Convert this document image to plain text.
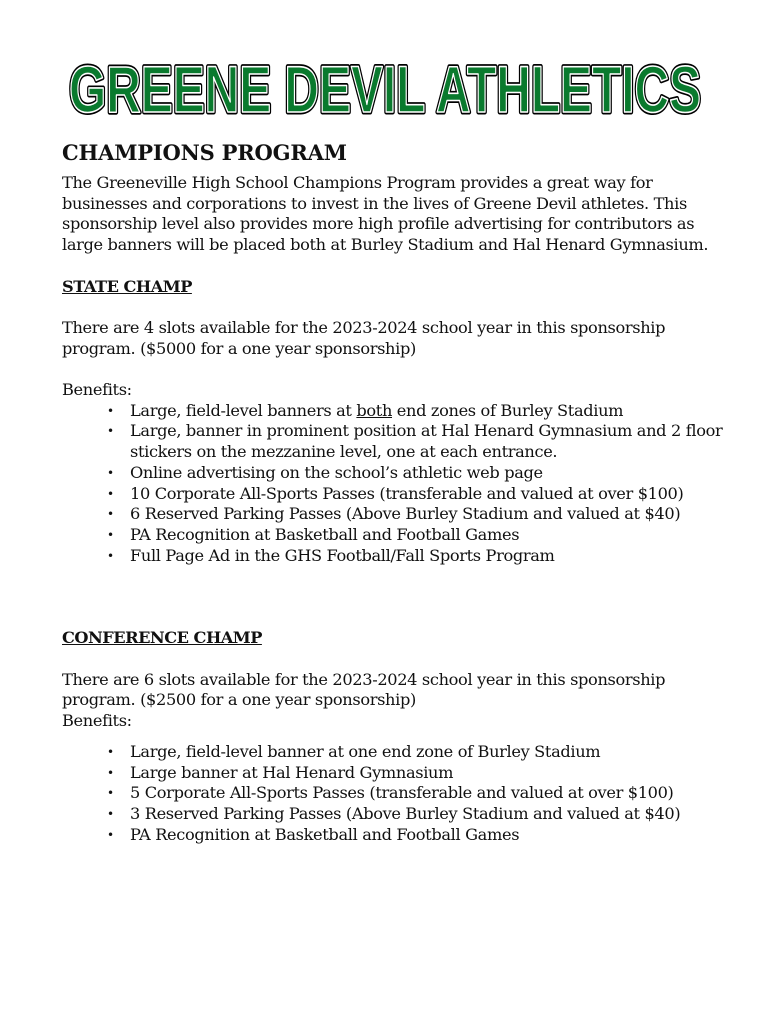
GREENE DEVIL ATHLETICS
GREENE DEVIL ATHLETICS
CHAMPIONS PROGRAM

The Greeneville High School Champions Program provides a great way for businesses and corporations to invest in the lives of Greene Devil athletes. This sponsorship level also provides more high profile advertising for contributors as large banners will be placed both at Burley Stadium and Hal Henard Gymnasium.

STATE CHAMP

There are 4 slots available for the 2023-2024 school year in this sponsorship program. ($5000 for a one year sponsorship)

Benefits:

• Large, field-level banners at both end zones of Burley Stadium
• Large, banner in prominent position at Hal Henard Gymnasium and 2 floor stickers on the mezzanine level, one at each entrance.
• Online advertising on the school’s athletic web page
• 10 Corporate All-Sports Passes (transferable and valued at over $100)
• 6 Reserved Parking Passes (Above Burley Stadium and valued at $40)
• PA Recognition at Basketball and Football Games
• Full Page Ad in the GHS Football/Fall Sports Program

CONFERENCE CHAMP

There are 6 slots available for the 2023-2024 school year in this sponsorship program. ($2500 for a one year sponsorship)

Benefits:

• Large, field-level banner at one end zone of Burley Stadium
• Large banner at Hal Henard Gymnasium
• 5 Corporate All-Sports Passes (transferable and valued at over $100)
• 3 Reserved Parking Passes (Above Burley Stadium and valued at $40)
• PA Recognition at Basketball and Football Games
